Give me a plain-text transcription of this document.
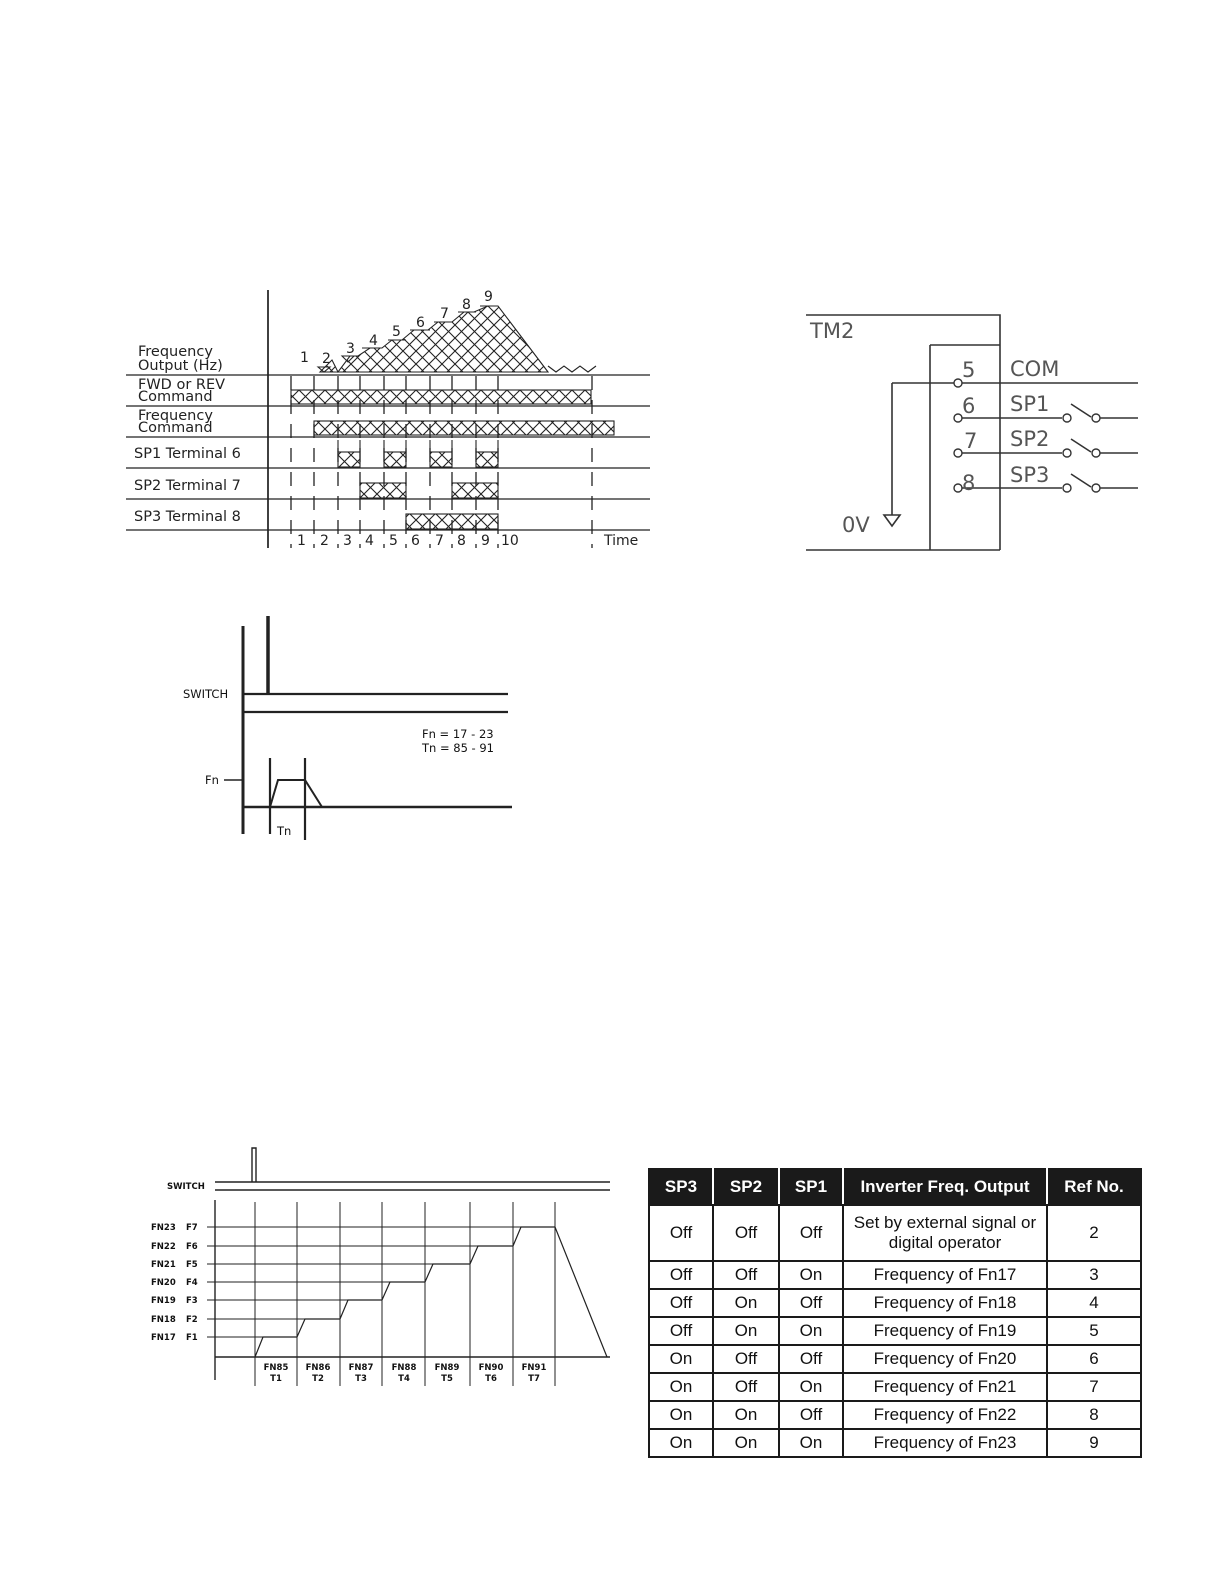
1 2
3 4
5
6
7
8 9
Frequency
Output (Hz)
FWD or REV
Command
Frequency
Command
SP1 Terminal 6
SP2 Terminal 7
SP3 Terminal 8
1 2 3 4 5 6 7 8 9 10	Time
TM2
5 COM
6 SP1
7 SP2
8 SP3
0V
SWITCH
Fn
Tn
Fn = 17 - 23
Tn = 85 - 91
SWITCH
FN23 F7
FN22 F6
FN21 F5
FN20 F4
FN19 F3
FN18 F2
FN17 F1
FN85
T1
FN86
T2
FN87
T3
FN88
T4
FN89
T5
FN90
T6
FN91
T7
SP3	SP2	SP1	Inverter Freq. Output	Ref No.
Off	Off	Off	Set by external signal or digital operator	2
Off	Off	On	Frequency of Fn17	3
Off	On	Off	Frequency of Fn18	4
Off	On	On	Frequency of Fn19	5
On	Off	Off	Frequency of Fn20	6
On	Off	On	Frequency of Fn21	7
On	On	Off	Frequency of Fn22	8
On	On	On	Frequency of Fn23	9
